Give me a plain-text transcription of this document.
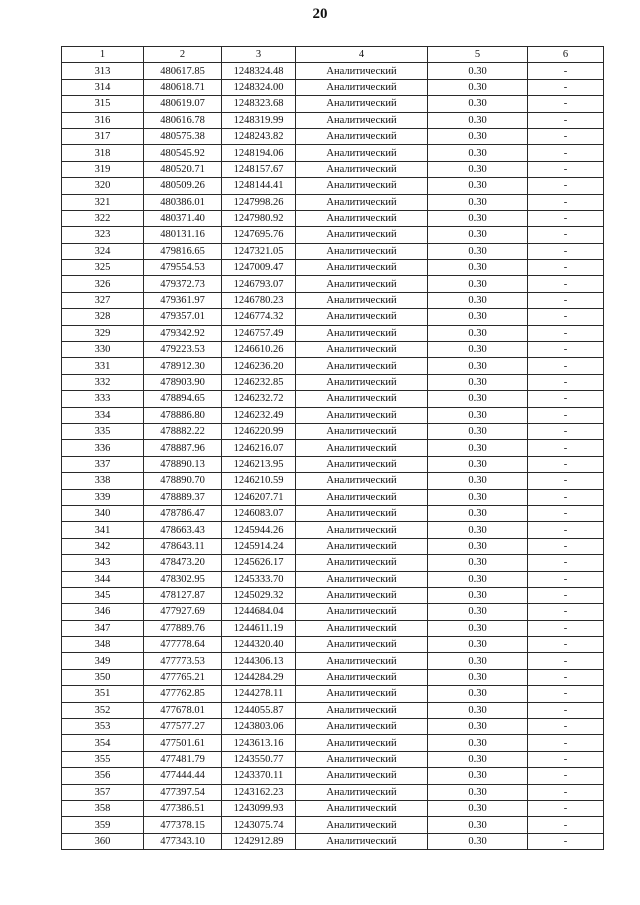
20
1	2	3	4	5	6
313	480617.85	1248324.48	Аналитический	0.30	-
314	480618.71	1248324.00	Аналитический	0.30	-
315	480619.07	1248323.68	Аналитический	0.30	-
316	480616.78	1248319.99	Аналитический	0.30	-
317	480575.38	1248243.82	Аналитический	0.30	-
318	480545.92	1248194.06	Аналитический	0.30	-
319	480520.71	1248157.67	Аналитический	0.30	-
320	480509.26	1248144.41	Аналитический	0.30	-
321	480386.01	1247998.26	Аналитический	0.30	-
322	480371.40	1247980.92	Аналитический	0.30	-
323	480131.16	1247695.76	Аналитический	0.30	-
324	479816.65	1247321.05	Аналитический	0.30	-
325	479554.53	1247009.47	Аналитический	0.30	-
326	479372.73	1246793.07	Аналитический	0.30	-
327	479361.97	1246780.23	Аналитический	0.30	-
328	479357.01	1246774.32	Аналитический	0.30	-
329	479342.92	1246757.49	Аналитический	0.30	-
330	479223.53	1246610.26	Аналитический	0.30	-
331	478912.30	1246236.20	Аналитический	0.30	-
332	478903.90	1246232.85	Аналитический	0.30	-
333	478894.65	1246232.72	Аналитический	0.30	-
334	478886.80	1246232.49	Аналитический	0.30	-
335	478882.22	1246220.99	Аналитический	0.30	-
336	478887.96	1246216.07	Аналитический	0.30	-
337	478890.13	1246213.95	Аналитический	0.30	-
338	478890.70	1246210.59	Аналитический	0.30	-
339	478889.37	1246207.71	Аналитический	0.30	-
340	478786.47	1246083.07	Аналитический	0.30	-
341	478663.43	1245944.26	Аналитический	0.30	-
342	478643.11	1245914.24	Аналитический	0.30	-
343	478473.20	1245626.17	Аналитический	0.30	-
344	478302.95	1245333.70	Аналитический	0.30	-
345	478127.87	1245029.32	Аналитический	0.30	-
346	477927.69	1244684.04	Аналитический	0.30	-
347	477889.76	1244611.19	Аналитический	0.30	-
348	477778.64	1244320.40	Аналитический	0.30	-
349	477773.53	1244306.13	Аналитический	0.30	-
350	477765.21	1244284.29	Аналитический	0.30	-
351	477762.85	1244278.11	Аналитический	0.30	-
352	477678.01	1244055.87	Аналитический	0.30	-
353	477577.27	1243803.06	Аналитический	0.30	-
354	477501.61	1243613.16	Аналитический	0.30	-
355	477481.79	1243550.77	Аналитический	0.30	-
356	477444.44	1243370.11	Аналитический	0.30	-
357	477397.54	1243162.23	Аналитический	0.30	-
358	477386.51	1243099.93	Аналитический	0.30	-
359	477378.15	1243075.74	Аналитический	0.30	-
360	477343.10	1242912.89	Аналитический	0.30	-
